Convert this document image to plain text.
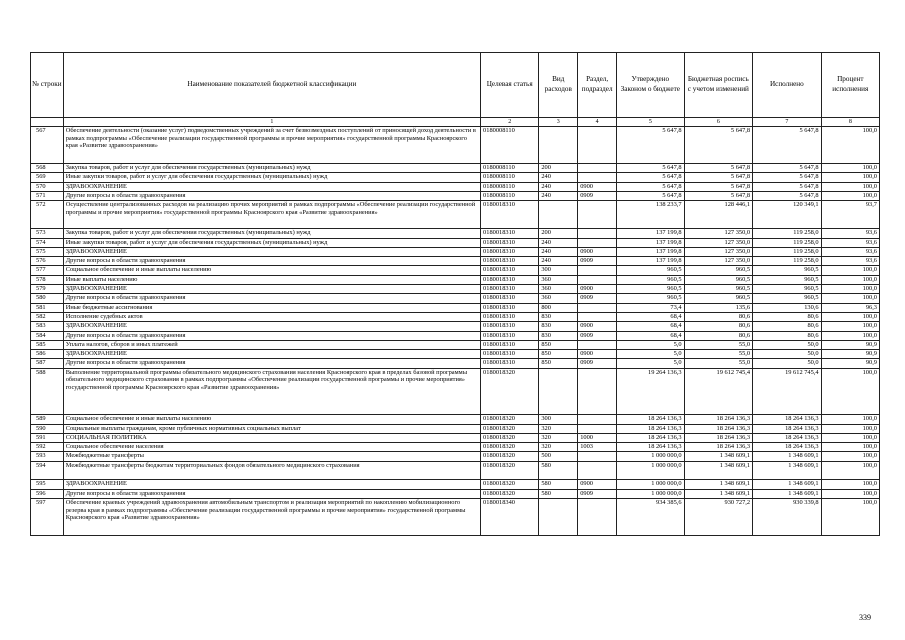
№ строки	Наименование показателей бюджетной классификации	Целевая статья	Вид расходов	Раздел, подраздел	Утверждено Законом о бюджете	Бюджетная роспись с учетом изменений	Исполнено	Процент исполнения
	1	2	3	4	5	6	7	8
567	Обеспечение деятельности (оказание услуг) подведомственных учреждений за счет безвозмездных поступлений от приносящей доход деятельности в рамках подпрограммы «Обеспечение реализации государственной программы и прочие мероприятия» государственной программы Красноярского края «Развитие здравоохранения»	0180008110			5 647,8	5 647,8	5 647,8	100,0
568	Закупка товаров, работ и услуг для обеспечения государственных (муниципальных) нужд	0180008110	200		5 647,8	5 647,8	5 647,8	100,0
569	Иные закупки товаров, работ и услуг для обеспечения государственных (муниципальных) нужд	0180008110	240		5 647,8	5 647,8	5 647,8	100,0
570	ЗДРАВООХРАНЕНИЕ	0180008110	240	0900	5 647,8	5 647,8	5 647,8	100,0
571	Другие вопросы в области здравоохранения	0180008110	240	0909	5 647,8	5 647,8	5 647,8	100,0
572	Осуществление централизованных расходов на реализацию прочих мероприятий в рамках подпрограммы «Обеспечение реализации государственной программы и прочие мероприятия» государственной программы Красноярского края «Развитие здравоохранения»	0180018310			138 233,7	128 446,1	120 349,1	93,7
573	Закупка товаров, работ и услуг для обеспечения государственных (муниципальных) нужд	0180018310	200		137 199,8	127 350,0	119 258,0	93,6
574	Иные закупки товаров, работ и услуг для обеспечения государственных (муниципальных) нужд	0180018310	240		137 199,8	127 350,0	119 258,0	93,6
575	ЗДРАВООХРАНЕНИЕ	0180018310	240	0900	137 199,8	127 350,0	119 258,0	93,6
576	Другие вопросы в области здравоохранения	0180018310	240	0909	137 199,8	127 350,0	119 258,0	93,6
577	Социальное обеспечение и иные выплаты населению	0180018310	300		960,5	960,5	960,5	100,0
578	Иные выплаты населению	0180018310	360		960,5	960,5	960,5	100,0
579	ЗДРАВООХРАНЕНИЕ	0180018310	360	0900	960,5	960,5	960,5	100,0
580	Другие вопросы в области здравоохранения	0180018310	360	0909	960,5	960,5	960,5	100,0
581	Иные бюджетные ассигнования	0180018310	800		73,4	135,6	130,6	96,3
582	Исполнение судебных актов	0180018310	830		68,4	80,6	80,6	100,0
583	ЗДРАВООХРАНЕНИЕ	0180018310	830	0900	68,4	80,6	80,6	100,0
584	Другие вопросы в области здравоохранения	0180018310	830	0909	68,4	80,6	80,6	100,0
585	Уплата налогов, сборов и иных платежей	0180018310	850		5,0	55,0	50,0	90,9
586	ЗДРАВООХРАНЕНИЕ	0180018310	850	0900	5,0	55,0	50,0	90,9
587	Другие вопросы в области здравоохранения	0180018310	850	0909	5,0	55,0	50,0	90,9
588	Выполнение территориальной программы обязательного медицинского страхования населения Красноярского края в пределах базовой программы обязательного медицинского страхования в рамках подпрограммы «Обеспечение реализации государственной программы и прочие мероприятия» государственной программы Красноярского края «Развитие здравоохранения»	0180018320			19 264 136,3	19 612 745,4	19 612 745,4	100,0
589	Социальное обеспечение и иные выплаты населению	0180018320	300		18 264 136,3	18 264 136,3	18 264 136,3	100,0
590	Социальные выплаты гражданам, кроме публичных нормативных социальных выплат	0180018320	320		18 264 136,3	18 264 136,3	18 264 136,3	100,0
591	СОЦИАЛЬНАЯ ПОЛИТИКА	0180018320	320	1000	18 264 136,3	18 264 136,3	18 264 136,3	100,0
592	Социальное обеспечение населения	0180018320	320	1003	18 264 136,3	18 264 136,3	18 264 136,3	100,0
593	Межбюджетные трансферты	0180018320	500		1 000 000,0	1 348 609,1	1 348 609,1	100,0
594	Межбюджетные трансферты бюджетам территориальных фондов обязательного медицинского страхования	0180018320	580		1 000 000,0	1 348 609,1	1 348 609,1	100,0
595	ЗДРАВООХРАНЕНИЕ	0180018320	580	0900	1 000 000,0	1 348 609,1	1 348 609,1	100,0
596	Другие вопросы в области здравоохранения	0180018320	580	0909	1 000 000,0	1 348 609,1	1 348 609,1	100,0
597	Обеспечение краевых учреждений здравоохранения автомобильным транспортом и реализация мероприятий по накоплению мобилизационного резерва края в рамках подпрограммы «Обеспечение реализации государственной программы и прочие мероприятия» государственной программы Красноярского края «Развитие здравоохранения»	0180018340			934 385,6	930 727,2	930 339,8	100,0
339
